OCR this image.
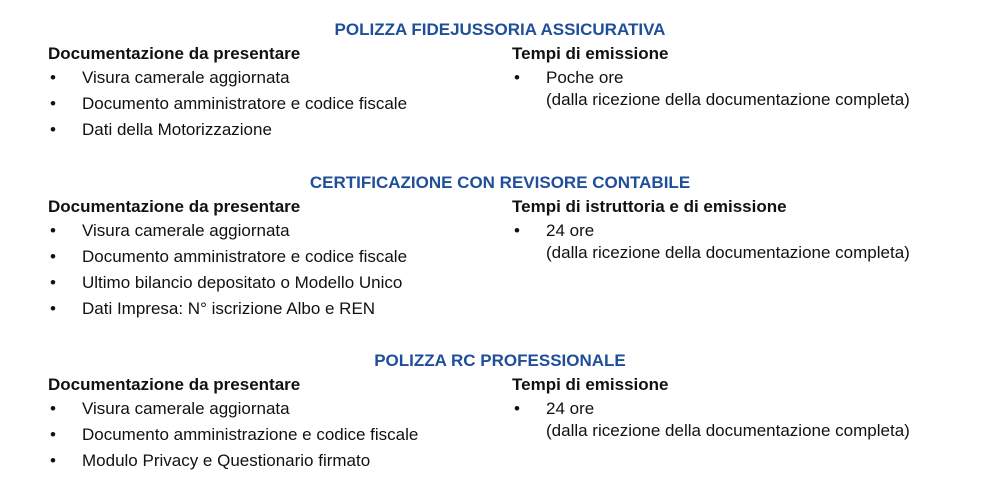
POLIZZA FIDEJUSSORIA ASSICURATIVA
Documentazione da presentare
• Visura camerale aggiornata
• Documento amministratore e codice fiscale
• Dati della Motorizzazione
Tempi di emissione
• Poche ore
(dalla ricezione della documentazione completa)
CERTIFICAZIONE CON REVISORE CONTABILE
Documentazione da presentare
• Visura camerale aggiornata
• Documento amministratore e codice fiscale
• Ultimo bilancio depositato o Modello Unico
• Dati Impresa: N° iscrizione Albo e REN
Tempi di istruttoria e di emissione
• 24 ore
(dalla ricezione della documentazione completa)
POLIZZA RC PROFESSIONALE
Documentazione da presentare
• Visura camerale aggiornata
• Documento amministrazione e codice fiscale
• Modulo Privacy e Questionario firmato
Tempi di emissione
• 24 ore
(dalla ricezione della documentazione completa)
